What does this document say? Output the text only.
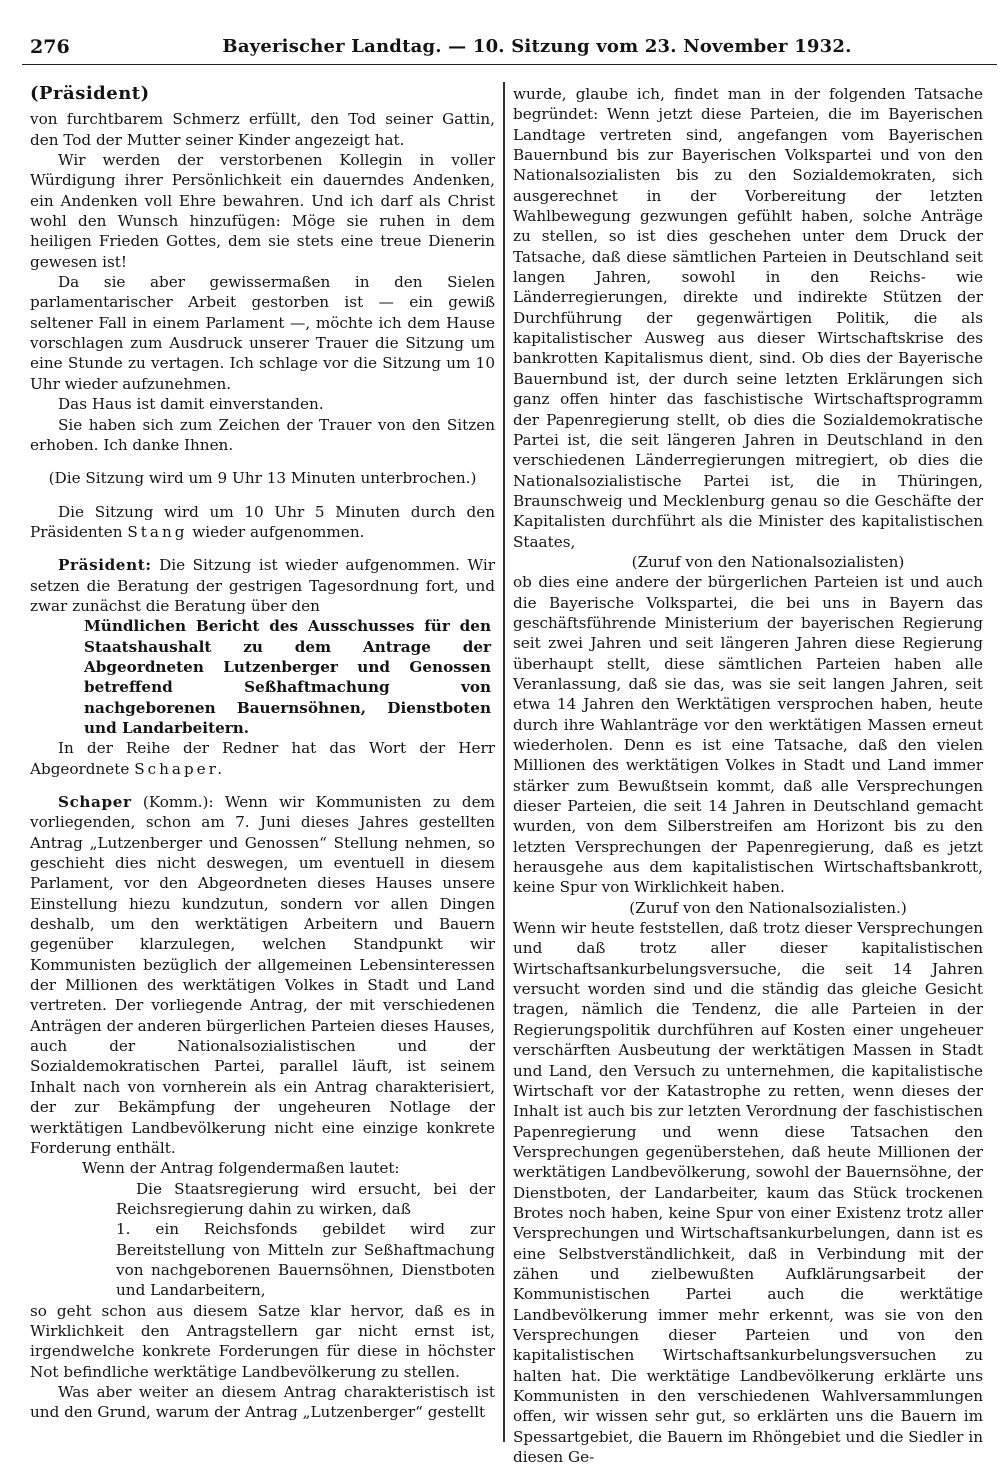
276	Bayerischer Landtag. — 10. Sitzung vom 23. November 1932.
(Präsident)

von furchtbarem Schmerz erfüllt, den Tod seiner Gattin, den Tod der Mutter seiner Kinder angezeigt hat.

Wir werden der verstorbenen Kollegin in voller Würdigung ihrer Persönlichkeit ein dauerndes Andenken, ein Andenken voll Ehre bewahren. Und ich darf als Christ wohl den Wunsch hinzufügen: Möge sie ruhen in dem heiligen Frieden Gottes, dem sie stets eine treue Dienerin gewesen ist!

Da sie aber gewissermaßen in den Sielen parlamentarischer Arbeit gestorben ist — ein gewiß seltener Fall in einem Parlament —, möchte ich dem Hause vorschlagen zum Ausdruck unserer Trauer die Sitzung um eine Stunde zu vertagen. Ich schlage vor die Sitzung um 10 Uhr wieder aufzunehmen.

Das Haus ist damit einverstanden.

Sie haben sich zum Zeichen der Trauer von den Sitzen erhoben. Ich danke Ihnen.

(Die Sitzung wird um 9 Uhr 13 Minuten unterbrochen.)

Die Sitzung wird um 10 Uhr 5 Minuten durch den Präsidenten Stang wieder aufgenommen.

Präsident: Die Sitzung ist wieder aufgenommen. Wir setzen die Beratung der gestrigen Tagesordnung fort, und zwar zunächst die Beratung über den

Mündlichen Bericht des Ausschusses für den Staatshaushalt zu dem Antrage der Abgeordneten Lutzenberger und Genossen betreffend Seßhaftmachung von nachgeborenen Bauernsöhnen, Dienstboten und Landarbeitern.

In der Reihe der Redner hat das Wort der Herr Abgeordnete Schaper.

Schaper (Komm.): Wenn wir Kommunisten zu dem vorliegenden, schon am 7. Juni dieses Jahres gestellten Antrag „Lutzenberger und Genossen“ Stellung nehmen, so geschieht dies nicht deswegen, um eventuell in diesem Parlament, vor den Abgeordneten dieses Hauses unsere Einstellung hiezu kundzutun, sondern vor allen Dingen deshalb, um den werktätigen Arbeitern und Bauern gegenüber klarzulegen, welchen Standpunkt wir Kommunisten bezüglich der allgemeinen Lebensinteressen der Millionen des werktätigen Volkes in Stadt und Land vertreten. Der vorliegende Antrag, der mit verschiedenen Anträgen der anderen bürgerlichen Parteien dieses Hauses, auch der Nationalsozialistischen und der Sozialdemokratischen Partei, parallel läuft, ist seinem Inhalt nach von vornherein als ein Antrag charakterisiert, der zur Bekämpfung der ungeheuren Notlage der werktätigen Landbevölkerung nicht eine einzige konkrete Forderung enthält.

Wenn der Antrag folgendermaßen lautet:

Die Staatsregierung wird ersucht, bei der Reichsregierung dahin zu wirken, daß

1. ein Reichsfonds gebildet wird zur Bereitstellung von Mitteln zur Seßhaftmachung von nachgeborenen Bauernsöhnen, Dienstboten und Landarbeitern,

so geht schon aus diesem Satze klar hervor, daß es in Wirklichkeit den Antragstellern gar nicht ernst ist, irgendwelche konkrete Forderungen für diese in höchster Not befindliche werktätige Landbevölkerung zu stellen.

Was aber weiter an diesem Antrag charakteristisch ist und den Grund, warum der Antrag „Lutzenberger“ gestellt

wurde, glaube ich, findet man in der folgenden Tatsache begründet: Wenn jetzt diese Parteien, die im Bayerischen Landtage vertreten sind, angefangen vom Bayerischen Bauernbund bis zur Bayerischen Volkspartei und von den Nationalsozialisten bis zu den Sozialdemokraten, sich ausgerechnet in der Vorbereitung der letzten Wahlbewegung gezwungen gefühlt haben, solche Anträge zu stellen, so ist dies geschehen unter dem Druck der Tatsache, daß diese sämtlichen Parteien in Deutschland seit langen Jahren, sowohl in den Reichs- wie Länderregierungen, direkte und indirekte Stützen der Durchführung der gegenwärtigen Politik, die als kapitalistischer Ausweg aus dieser Wirtschaftskrise des bankrotten Kapitalismus dient, sind. Ob dies der Bayerische Bauernbund ist, der durch seine letzten Erklärungen sich ganz offen hinter das faschistische Wirtschaftsprogramm der Papenregierung stellt, ob dies die Sozialdemokratische Partei ist, die seit längeren Jahren in Deutschland in den verschiedenen Länderregierungen mitregiert, ob dies die Nationalsozialistische Partei ist, die in Thüringen, Braunschweig und Mecklenburg genau so die Geschäfte der Kapitalisten durchführt als die Minister des kapitalistischen Staates,

(Zuruf von den Nationalsozialisten)

ob dies eine andere der bürgerlichen Parteien ist und auch die Bayerische Volkspartei, die bei uns in Bayern das geschäftsführende Ministerium der bayerischen Regierung seit zwei Jahren und seit längeren Jahren diese Regierung überhaupt stellt, diese sämtlichen Parteien haben alle Veranlassung, daß sie das, was sie seit langen Jahren, seit etwa 14 Jahren den Werktätigen versprochen haben, heute durch ihre Wahlanträge vor den werktätigen Massen erneut wiederholen. Denn es ist eine Tatsache, daß den vielen Millionen des werktätigen Volkes in Stadt und Land immer stärker zum Bewußtsein kommt, daß alle Versprechungen dieser Parteien, die seit 14 Jahren in Deutschland gemacht wurden, von dem Silberstreifen am Horizont bis zu den letzten Versprechungen der Papenregierung, daß es jetzt herausgehe aus dem kapitalistischen Wirtschaftsbankrott, keine Spur von Wirklichkeit haben.

(Zuruf von den Nationalsozialisten.)

Wenn wir heute feststellen, daß trotz dieser Versprechungen und daß trotz aller dieser kapitalistischen Wirtschaftsankurbelungsversuche, die seit 14 Jahren versucht worden sind und die ständig das gleiche Gesicht tragen, nämlich die Tendenz, die alle Parteien in der Regierungspolitik durchführen auf Kosten einer ungeheuer verschärften Ausbeutung der werktätigen Massen in Stadt und Land, den Versuch zu unternehmen, die kapitalistische Wirtschaft vor der Katastrophe zu retten, wenn dieses der Inhalt ist auch bis zur letzten Verordnung der faschistischen Papenregierung und wenn diese Tatsachen den Versprechungen gegenüberstehen, daß heute Millionen der werktätigen Landbevölkerung, sowohl der Bauernsöhne, der Dienstboten, der Landarbeiter, kaum das Stück trockenen Brotes noch haben, keine Spur von einer Existenz trotz aller Versprechungen und Wirtschaftsankurbelungen, dann ist es eine Selbstverständlichkeit, daß in Verbindung mit der zähen und zielbewußten Aufklärungsarbeit der Kommunistischen Partei auch die werktätige Landbevölkerung immer mehr erkennt, was sie von den Versprechungen dieser Parteien und von den kapitalistischen Wirtschaftsankurbelungsversuchen zu halten hat. Die werktätige Landbevölkerung erklärte uns Kommunisten in den verschiedenen Wahlversammlungen offen, wir wissen sehr gut, so erklärten uns die Bauern im Spessartgebiet, die Bauern im Rhöngebiet und die Siedler in diesen Ge-
